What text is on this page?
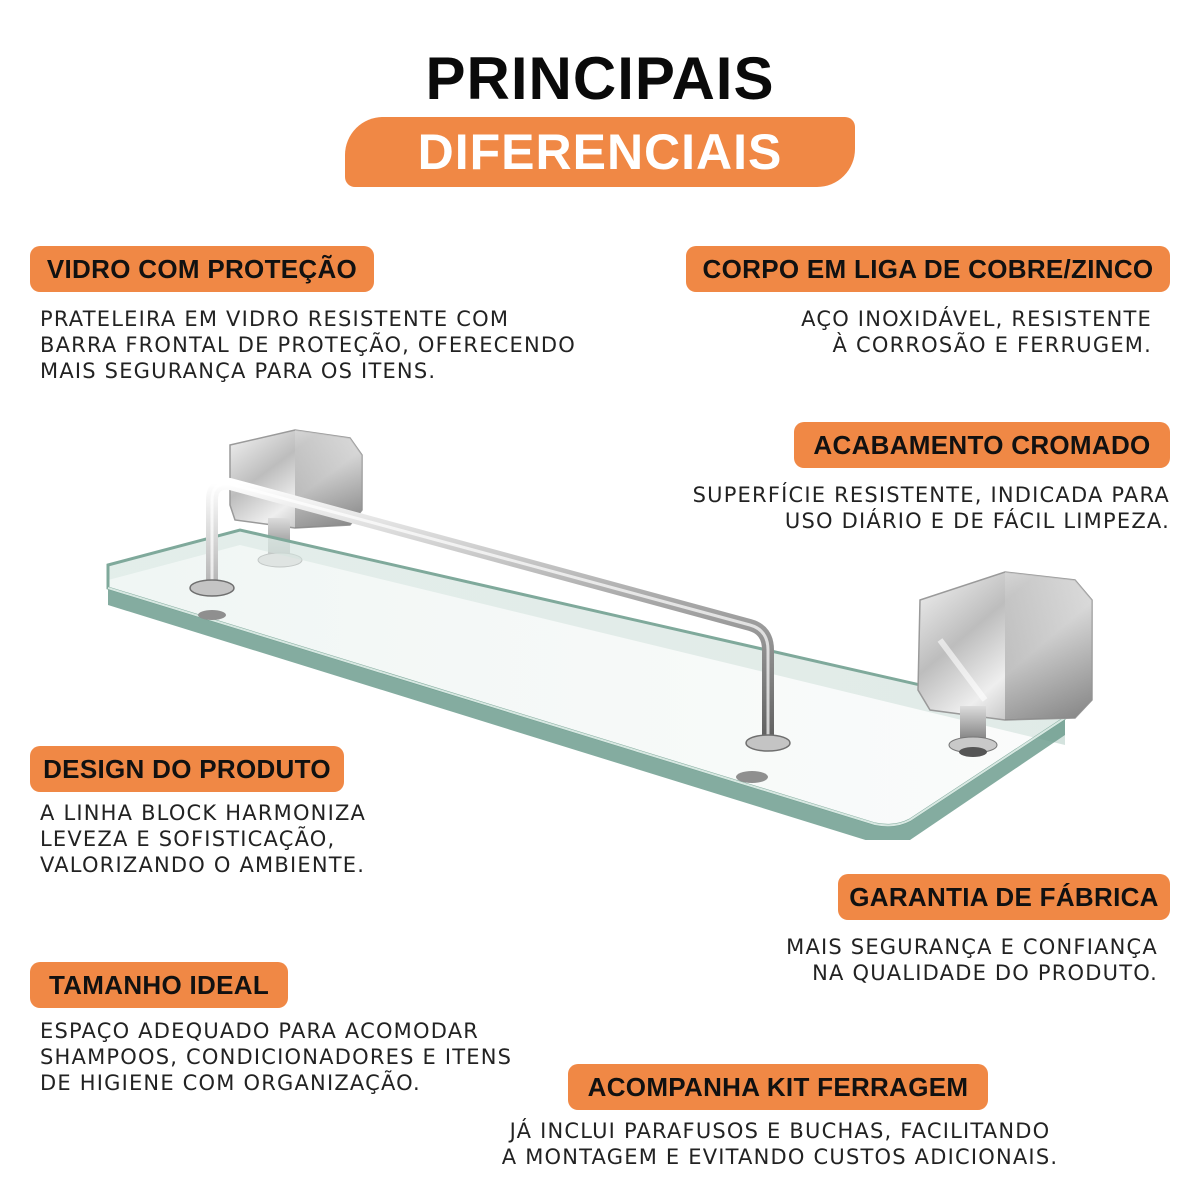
PRINCIPAIS
DIFERENCIAIS
VIDRO COM PROTEÇÃO
PRATELEIRA EM VIDRO RESISTENTE COM
BARRA FRONTAL DE PROTEÇÃO, OFERECENDO
MAIS SEGURANÇA PARA OS ITENS.
CORPO EM LIGA DE COBRE/ZINCO
AÇO INOXIDÁVEL, RESISTENTE
À CORROSÃO E FERRUGEM.
ACABAMENTO CROMADO
SUPERFÍCIE RESISTENTE, INDICADA PARA
USO DIÁRIO E DE FÁCIL LIMPEZA.
DESIGN DO PRODUTO
A LINHA BLOCK HARMONIZA
LEVEZA E SOFISTICAÇÃO,
VALORIZANDO O AMBIENTE.
GARANTIA DE FÁBRICA
MAIS SEGURANÇA E CONFIANÇA
NA QUALIDADE DO PRODUTO.
TAMANHO IDEAL
ESPAÇO ADEQUADO PARA ACOMODAR
SHAMPOOS, CONDICIONADORES E ITENS
DE HIGIENE COM ORGANIZAÇÃO.	ACOMPANHA KIT FERRAGEM
JÁ INCLUI PARAFUSOS E BUCHAS, FACILITANDO
A MONTAGEM E EVITANDO CUSTOS ADICIONAIS.
